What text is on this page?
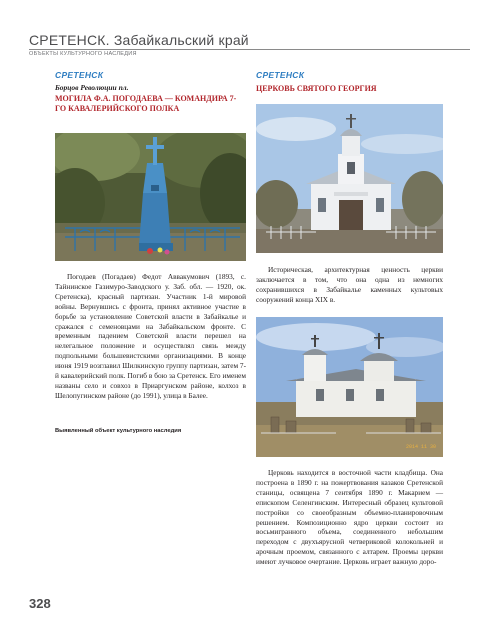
СРЕТЕНСК. Забайкальский край
ОБЪЕКТЫ КУЛЬТУРНОГО НАСЛЕДИЯ
СРЕТЕНСК
Борцов Революции пл.
МОГИЛА Ф.А. ПОГОДАЕВА — КОМАНДИРА 7-ГО КАВАЛЕРИЙСКОГО ПОЛКА

Погодаев (Погадаев) Федот Аввакумович (1893, с. Тайнинское Газимуро-Заводского у. Заб. обл. — 1920, ок. Сретенска), красный партизан. Участник 1-й мировой войны. Вернувшись с фронта, принял активное участие в борьбе за установление Советской власти в Забайкалье и сражался с семеновцами на Забайкальском фронте. С временным падением Советской власти перешел на нелегальное положение и осуществлял связь между подпольными большевистскими организациями. В конце июня 1919 возглавил Шилкинскую группу партизан, затем 7-й кавалерийский полк. Погиб в бою за Сретенск. Его именем названы село и совхоз в Приаргунском районе, колхоз в Шелопугинском районе (до 1991), улица в Балее.

Выявленный объект культурного наследия
СРЕТЕНСК
ЦЕРКОВЬ СВЯТОГО ГЕОРГИЯ

Историческая, архитектурная ценность церкви заключается в том, что она одна из немногих сохранившихся в Забайкалье каменных культовых сооружений конца XIX в.

2014 11 30

Церковь находится в восточной части кладбища. Она построена в 1890 г. на пожертвования казаков Сретенской станицы, освящена 7 сентября 1890 г. Макарием — епископом Селенгинским. Интересный образец культовой постройки со своеобразным объемно-планировочным решением. Композиционно ядро церкви состоит из восьмигранного объема, соединенного небольшим переходом с двухъярусной четвериковой колокольней и арочным проемом, связанного с алтарем. Проемы церкви имеют лучковое очертание. Церковь играет важную доро-

328
